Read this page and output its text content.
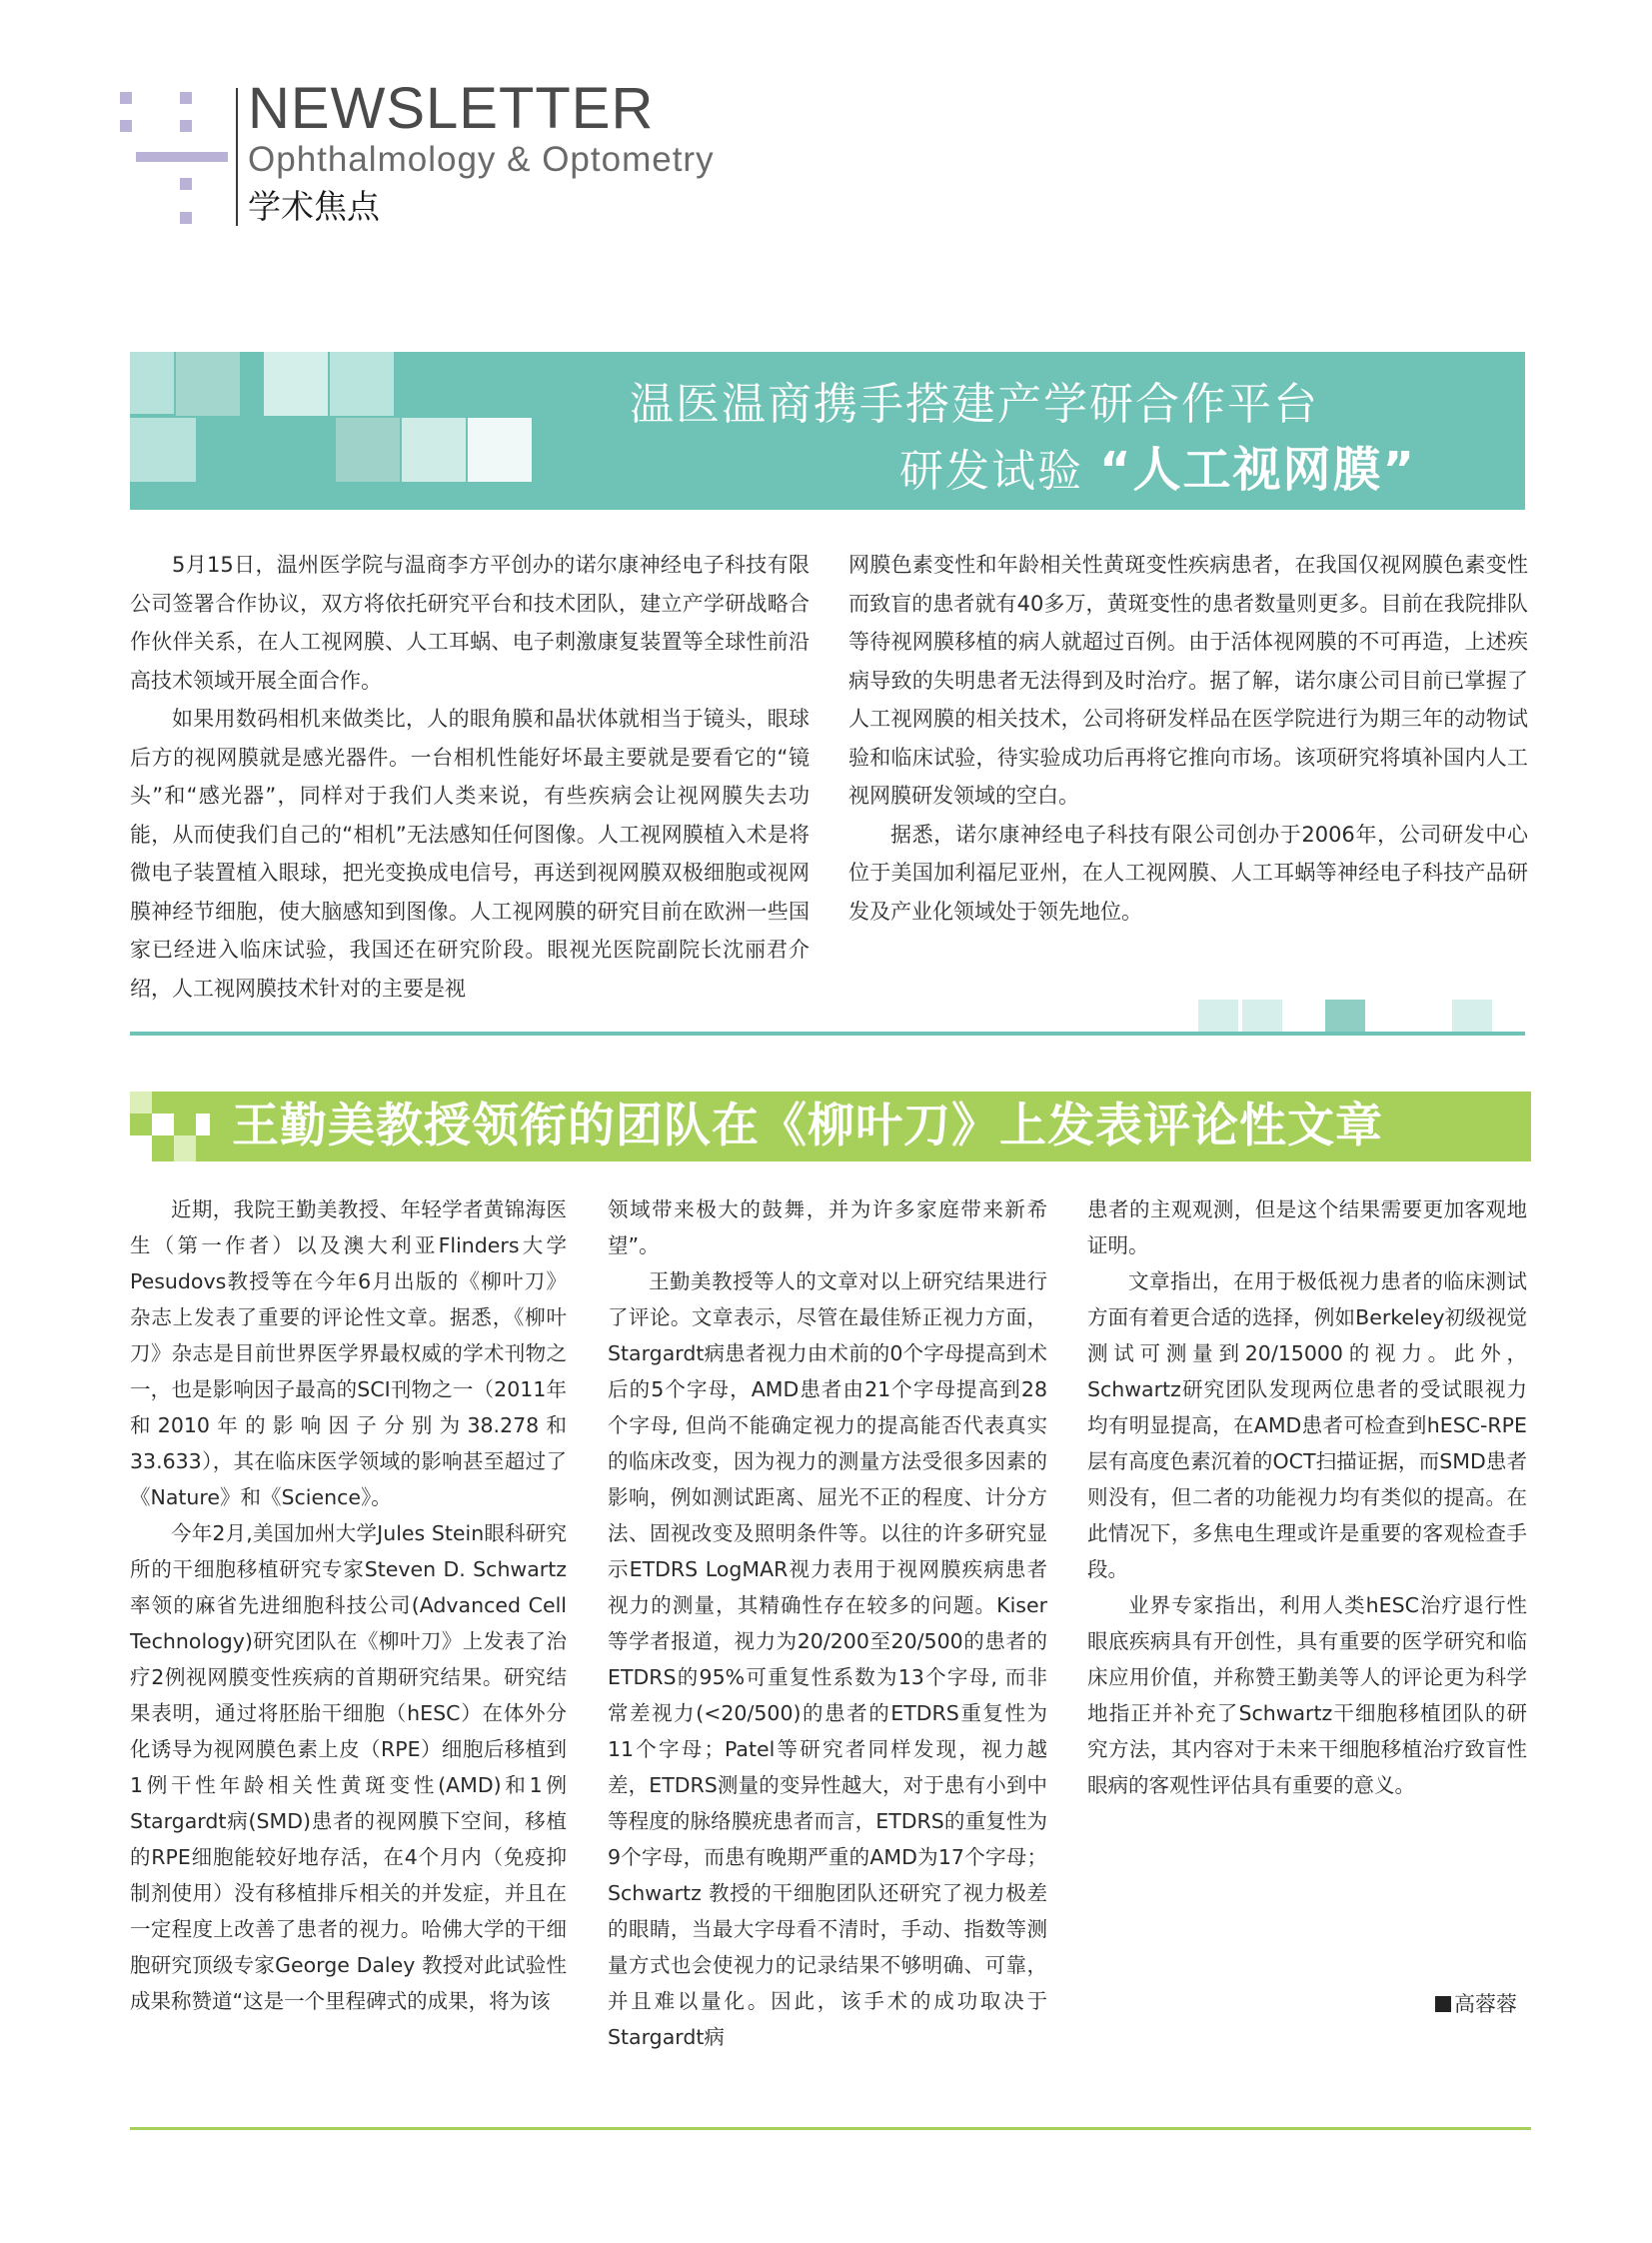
NEWSLETTER
Ophthalmology & Optometry
学术焦点
温医温商携手搭建产学研合作平台
研发试验 “人工视网膜”

5月15日，温州医学院与温商李方平创办的诺尔康神经电子科技有限公司签署合作协议，双方将依托研究平台和技术团队，建立产学研战略合作伙伴关系，在人工视网膜、人工耳蜗、电子刺激康复装置等全球性前沿高技术领域开展全面合作。

如果用数码相机来做类比，人的眼角膜和晶状体就相当于镜头，眼球后方的视网膜就是感光器件。一台相机性能好坏最主要就是要看它的“镜头”和“感光器”，同样对于我们人类来说，有些疾病会让视网膜失去功能，从而使我们自己的“相机”无法感知任何图像。人工视网膜植入术是将微电子装置植入眼球，把光变换成电信号，再送到视网膜双极细胞或视网膜神经节细胞，使大脑感知到图像。人工视网膜的研究目前在欧洲一些国家已经进入临床试验，我国还在研究阶段。眼视光医院副院长沈丽君介绍，人工视网膜技术针对的主要是视

网膜色素变性和年龄相关性黄斑变性疾病患者，在我国仅视网膜色素变性而致盲的患者就有40多万，黄斑变性的患者数量则更多。目前在我院排队等待视网膜移植的病人就超过百例。由于活体视网膜的不可再造，上述疾病导致的失明患者无法得到及时治疗。据了解，诺尔康公司目前已掌握了人工视网膜的相关技术，公司将研发样品在医学院进行为期三年的动物试验和临床试验，待实验成功后再将它推向市场。该项研究将填补国内人工视网膜研发领域的空白。

据悉，诺尔康神经电子科技有限公司创办于2006年，公司研发中心位于美国加利福尼亚州，在人工视网膜、人工耳蜗等神经电子科技产品研发及产业化领域处于领先地位。

王勤美教授领衔的团队在《柳叶刀》上发表评论性文章

近期，我院王勤美教授、年轻学者黄锦海医生（第一作者）以及澳大利亚Flinders大学Pesudovs教授等在今年6月出版的《柳叶刀》杂志上发表了重要的评论性文章。据悉，《柳叶刀》杂志是目前世界医学界最权威的学术刊物之一，也是影响因子最高的SCI刊物之一（2011年和2010年的影响因子分别为38.278和33.633），其在临床医学领域的影响甚至超过了《Nature》和《Science》。

今年2月,美国加州大学Jules Stein眼科研究所的干细胞移植研究专家Steven D. Schwartz率领的麻省先进细胞科技公司(Advanced Cell Technology)研究团队在《柳叶刀》上发表了治疗2例视网膜变性疾病的首期研究结果。研究结果表明，通过将胚胎干细胞（hESC）在体外分化诱导为视网膜色素上皮（RPE）细胞后移植到1例干性年龄相关性黄斑变性(AMD)和1例Stargardt病(SMD)患者的视网膜下空间，移植的RPE细胞能较好地存活，在4个月内（免疫抑制剂使用）没有移植排斥相关的并发症，并且在一定程度上改善了患者的视力。哈佛大学的干细胞研究顶级专家George Daley 教授对此试验性成果称赞道“这是一个里程碑式的成果，将为该

领域带来极大的鼓舞，并为许多家庭带来新希望”。

王勤美教授等人的文章对以上研究结果进行了评论。文章表示，尽管在最佳矫正视力方面，Stargardt病患者视力由术前的0个字母提高到术后的5个字母，AMD患者由21个字母提高到28个字母, 但尚不能确定视力的提高能否代表真实的临床改变，因为视力的测量方法受很多因素的影响，例如测试距离、屈光不正的程度、计分方法、固视改变及照明条件等。以往的许多研究显示ETDRS LogMAR视力表用于视网膜疾病患者视力的测量，其精确性存在较多的问题。Kiser等学者报道，视力为20/200至20/500的患者的ETDRS的95%可重复性系数为13个字母, 而非常差视力(<20/500)的患者的ETDRS重复性为11个字母；Patel等研究者同样发现，视力越差，ETDRS测量的变异性越大，对于患有小到中等程度的脉络膜疣患者而言，ETDRS的重复性为9个字母，而患有晚期严重的AMD为17个字母；Schwartz 教授的干细胞团队还研究了视力极差的眼睛，当最大字母看不清时，手动、指数等测量方式也会使视力的记录结果不够明确、可靠，并且难以量化。因此，该手术的成功取决于Stargardt病

患者的主观观测，但是这个结果需要更加客观地证明。

文章指出，在用于极低视力患者的临床测试方面有着更合适的选择，例如Berkeley初级视觉测试可测量到20/15000的视力。此外，Schwartz研究团队发现两位患者的受试眼视力均有明显提高，在AMD患者可检查到hESC-RPE层有高度色素沉着的OCT扫描证据，而SMD患者则没有，但二者的功能视力均有类似的提高。在此情况下，多焦电生理或许是重要的客观检查手段。

业界专家指出，利用人类hESC治疗退行性眼底疾病具有开创性，具有重要的医学研究和临床应用价值，并称赞王勤美等人的评论更为科学地指正并补充了Schwartz干细胞移植团队的研究方法，其内容对于未来干细胞移植治疗致盲性眼病的客观性评估具有重要的意义。

高蓉蓉
